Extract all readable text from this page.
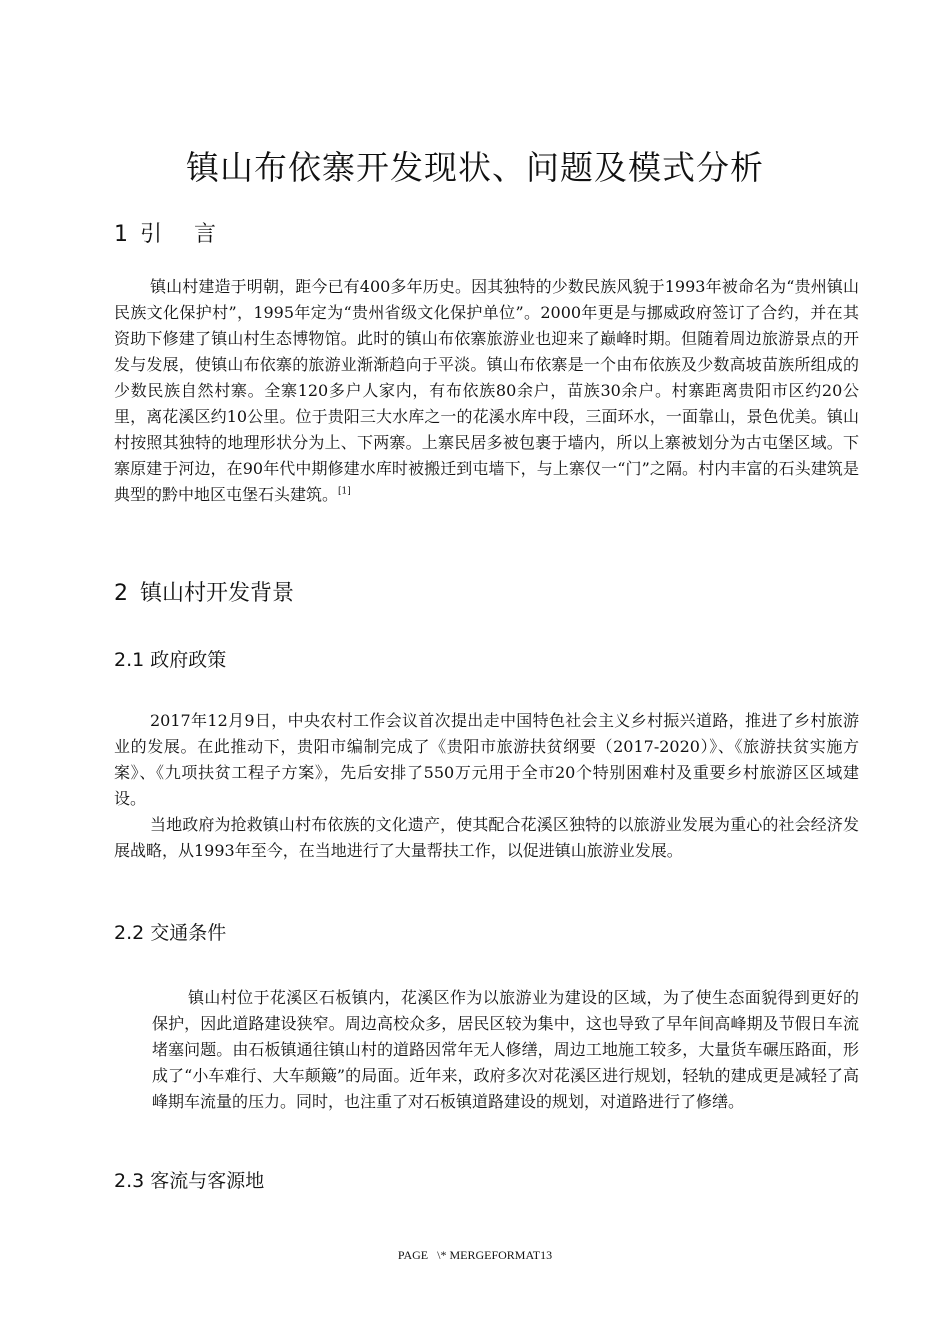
镇山布依寨开发现状、问题及模式分析
1 引言

镇山村建造于明朝，距今已有400多年历史。因其独特的少数民族风貌于1993年被命名为“贵州镇山民族文化保护村”，1995年定为“贵州省级文化保护单位”。2000年更是与挪威政府签订了合约，并在其资助下修建了镇山村生态博物馆。此时的镇山布依寨旅游业也迎来了巅峰时期。但随着周边旅游景点的开发与发展，使镇山布依寨的旅游业渐渐趋向于平淡。镇山布依寨是一个由布依族及少数高坡苗族所组成的少数民族自然村寨。全寨120多户人家内，有布依族80余户，苗族30余户。村寨距离贵阳市区约20公里，离花溪区约10公里。位于贵阳三大水库之一的花溪水库中段，三面环水，一面靠山，景色优美。镇山村按照其独特的地理形状分为上、下两寨。上寨民居多被包裹于墙内，所以上寨被划分为古屯堡区域。下寨原建于河边，在90年代中期修建水库时被搬迁到屯墙下，与上寨仅一“门”之隔。村内丰富的石头建筑是典型的黔中地区屯堡石头建筑。[1]

2 镇山村开发背景
2.1 政府政策

2017年12月9日，中央农村工作会议首次提出走中国特色社会主义乡村振兴道路，推进了乡村旅游业的发展。在此推动下，贵阳市编制完成了《贵阳市旅游扶贫纲要（2017-2020）》、《旅游扶贫实施方案》、《九项扶贫工程子方案》，先后安排了550万元用于全市20个特别困难村及重要乡村旅游区区域建设。

当地政府为抢救镇山村布依族的文化遗产，使其配合花溪区独特的以旅游业发展为重心的社会经济发展战略，从1993年至今，在当地进行了大量帮扶工作，以促进镇山旅游业发展。

2.2 交通条件

镇山村位于花溪区石板镇内，花溪区作为以旅游业为建设的区域，为了使生态面貌得到更好的保护，因此道路建设狭窄。周边高校众多，居民区较为集中，这也导致了早年间高峰期及节假日车流堵塞问题。由石板镇通往镇山村的道路因常年无人修缮，周边工地施工较多，大量货车碾压路面，形成了“小车难行、大车颠簸”的局面。近年来，政府多次对花溪区进行规划，轻轨的建成更是减轻了高峰期车流量的压力。同时，也注重了对石板镇道路建设的规划，对道路进行了修缮。

2.3 客流与客源地
PAGE   \* MERGEFORMAT13
